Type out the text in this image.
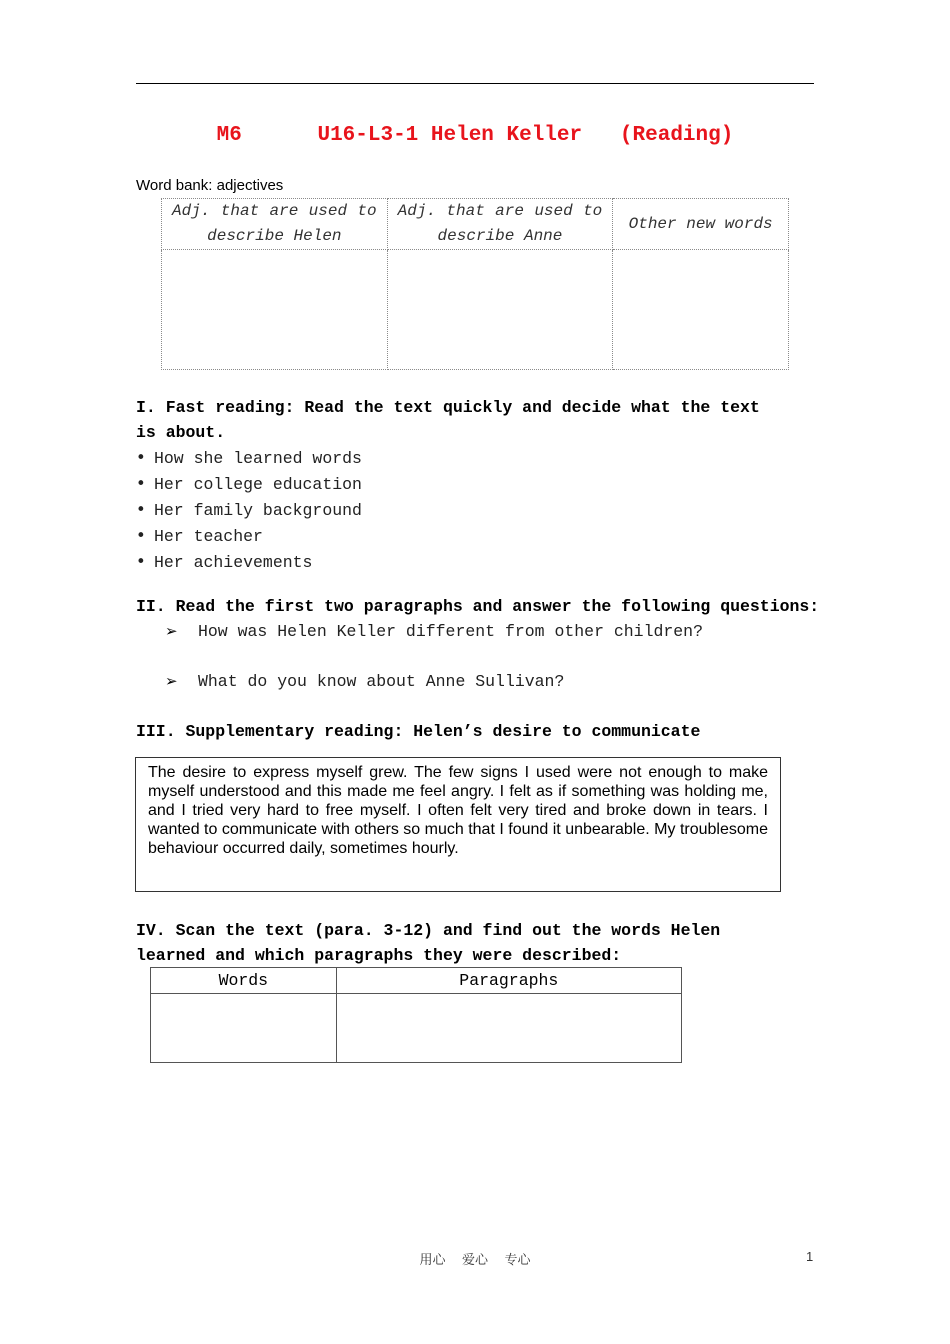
M6      U16-L3-1 Helen Keller   (Reading)
Word bank: adjectives
Adj. that are used to describe Helen	Adj. that are used to describe Anne	Other new words

I. Fast reading: Read the text quickly and decide what the text is about.
• How she learned words
• Her college education
• Her family background
• Her teacher
• Her achievements
II. Read the first two paragraphs and answer the following questions:
➢ How was Helen Keller different from other children?
➢ What do you know about Anne Sullivan?
III. Supplementary reading: Helen’s desire to communicate

The desire to express myself grew. The few signs I used were not enough to make myself understood and this made me feel angry. I felt as if something was holding me, and I tried very hard to free myself. I often felt very tired and broke down in tears. I wanted to communicate with others so much that I found it unbearable. My troublesome behaviour occurred daily, sometimes hourly.

IV. Scan the text (para. 3-12) and find out the words Helen learned and which paragraphs they were described:
Words	Paragraphs

用心    爱心    专心	1
